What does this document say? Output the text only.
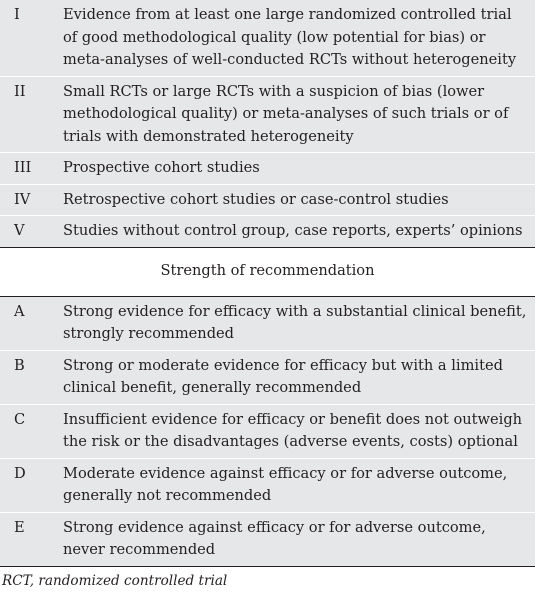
I	Evidence from at least one large randomized controlled trial of good methodological quality (low potential for bias) or meta-analyses of well-conducted RCTs without heterogeneity
II	Small RCTs or large RCTs with a suspicion of bias (lower methodological quality) or meta-analyses of such trials or of trials with demonstrated heterogeneity
III Prospective cohort studies
IV Retrospective cohort studies or case-control studies
V	Studies without control group, case reports, experts’ opinions
Strength of recommendation
A	Strong evidence for efficacy with a substantial clinical benefit, strongly recommended
B	Strong or moderate evidence for efficacy but with a limited clinical benefit, generally recommended
C	Insufficient evidence for efficacy or benefit does not outweigh the risk or the disadvantages (adverse events, costs) optional
D	Moderate evidence against efficacy or for adverse outcome, generally not recommended
E	Strong evidence against efficacy or for adverse outcome, never recommended
RCT, randomized controlled trial
